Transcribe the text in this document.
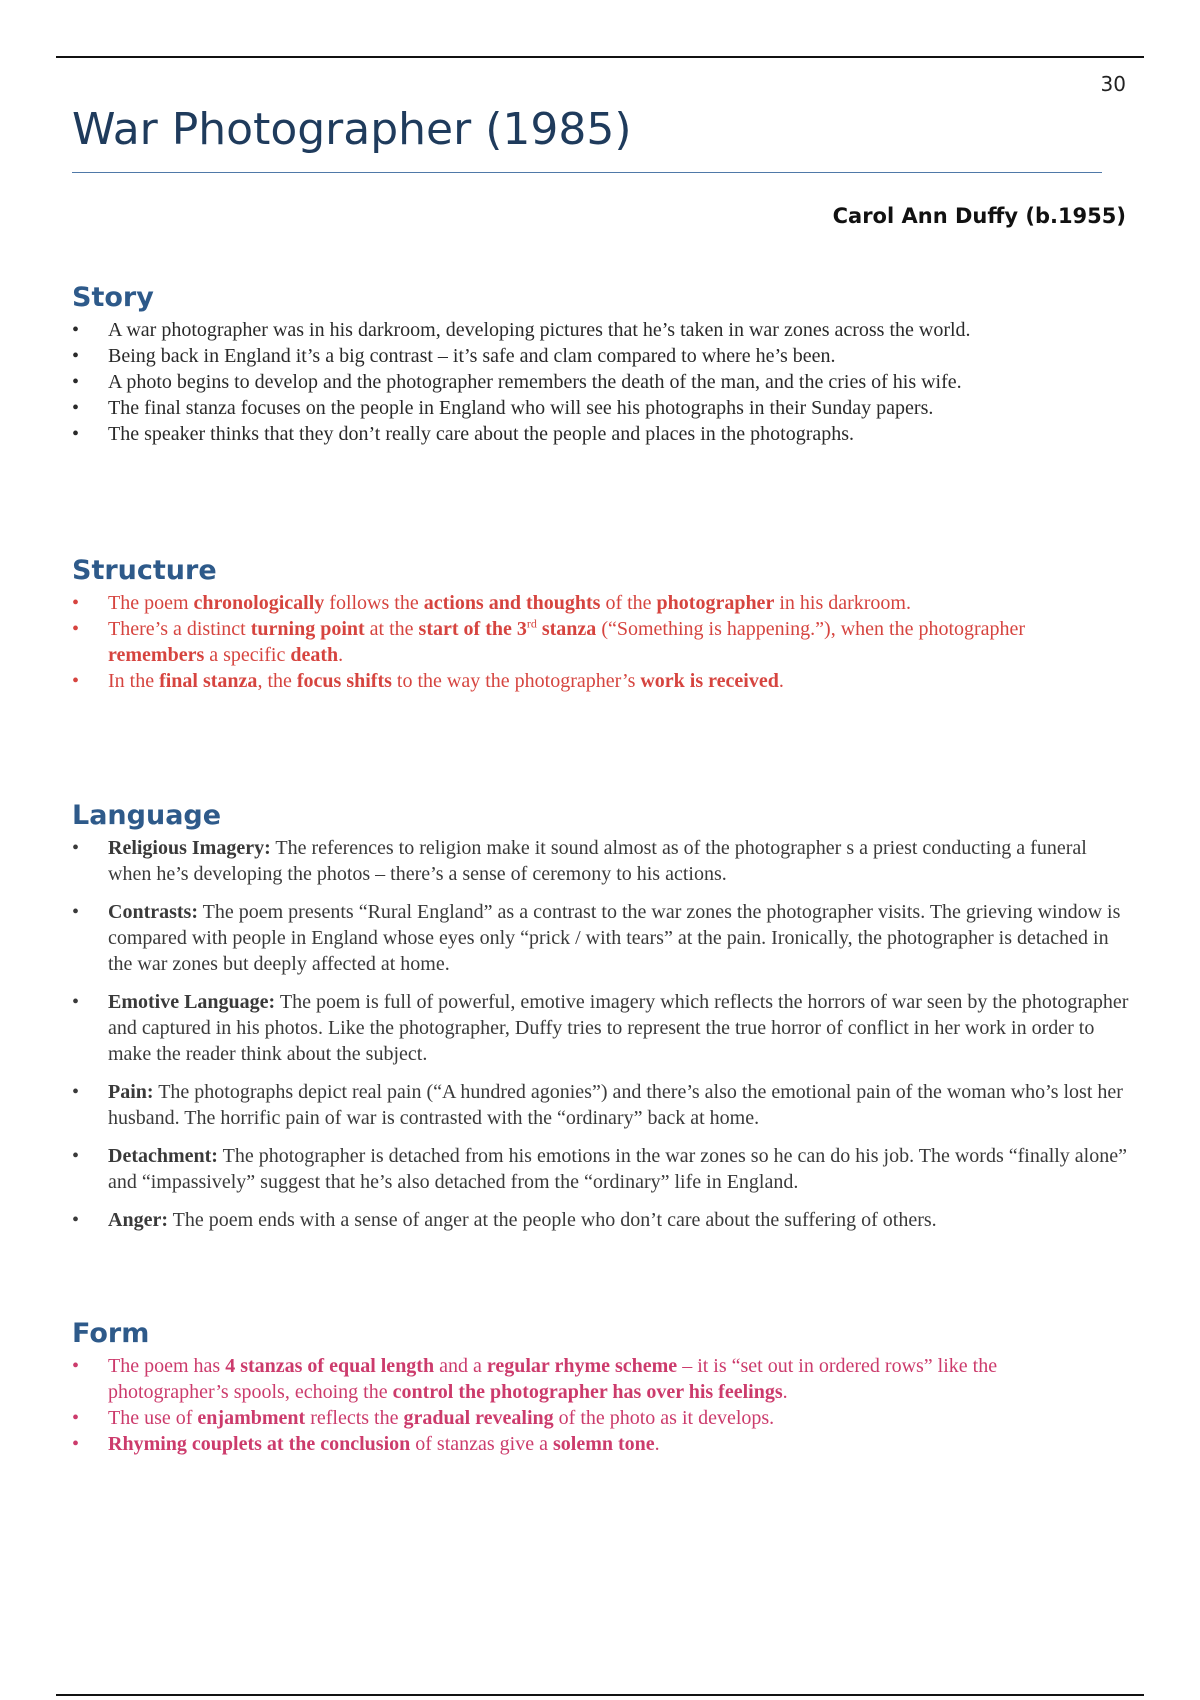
30
War Photographer (1985)
Carol Ann Duffy (b.1955)
Story
• A war photographer was in his darkroom, developing pictures that he’s taken in war zones across the world.
• Being back in England it’s a big contrast – it’s safe and clam compared to where he’s been.
• A photo begins to develop and the photographer remembers the death of the man, and the cries of his wife.
• The final stanza focuses on the people in England who will see his photographs in their Sunday papers.
• The speaker thinks that they don’t really care about the people and places in the photographs.
Structure
• The poem chronologically follows the actions and thoughts of the photographer in his darkroom.
• There’s a distinct turning point at the start of the 3rd stanza (“Something is happening.”), when the photographer remembers a specific death.
• In the final stanza, the focus shifts to the way the photographer’s work is received.
Language
• Religious Imagery: The references to religion make it sound almost as of the photographer s a priest conducting a funeral when he’s developing the photos – there’s a sense of ceremony to his actions.
• Contrasts: The poem presents “Rural England” as a contrast to the war zones the photographer visits. The grieving window is compared with people in England whose eyes only “prick / with tears” at the pain. Ironically, the photographer is detached in the war zones but deeply affected at home.
• Emotive Language: The poem is full of powerful, emotive imagery which reflects the horrors of war seen by the photographer and captured in his photos. Like the photographer, Duffy tries to represent the true horror of conflict in her work in order to make the reader think about the subject.
• Pain: The photographs depict real pain (“A hundred agonies”) and there’s also the emotional pain of the woman who’s lost her husband. The horrific pain of war is contrasted with the “ordinary” back at home.
• Detachment: The photographer is detached from his emotions in the war zones so he can do his job. The words “finally alone” and “impassively” suggest that he’s also detached from the “ordinary” life in England.
• Anger: The poem ends with a sense of anger at the people who don’t care about the suffering of others.
Form
• The poem has 4 stanzas of equal length and a regular rhyme scheme – it is “set out in ordered rows” like the photographer’s spools, echoing the control the photographer has over his feelings.
• The use of enjambment reflects the gradual revealing of the photo as it develops.
• Rhyming couplets at the conclusion of stanzas give a solemn tone.
